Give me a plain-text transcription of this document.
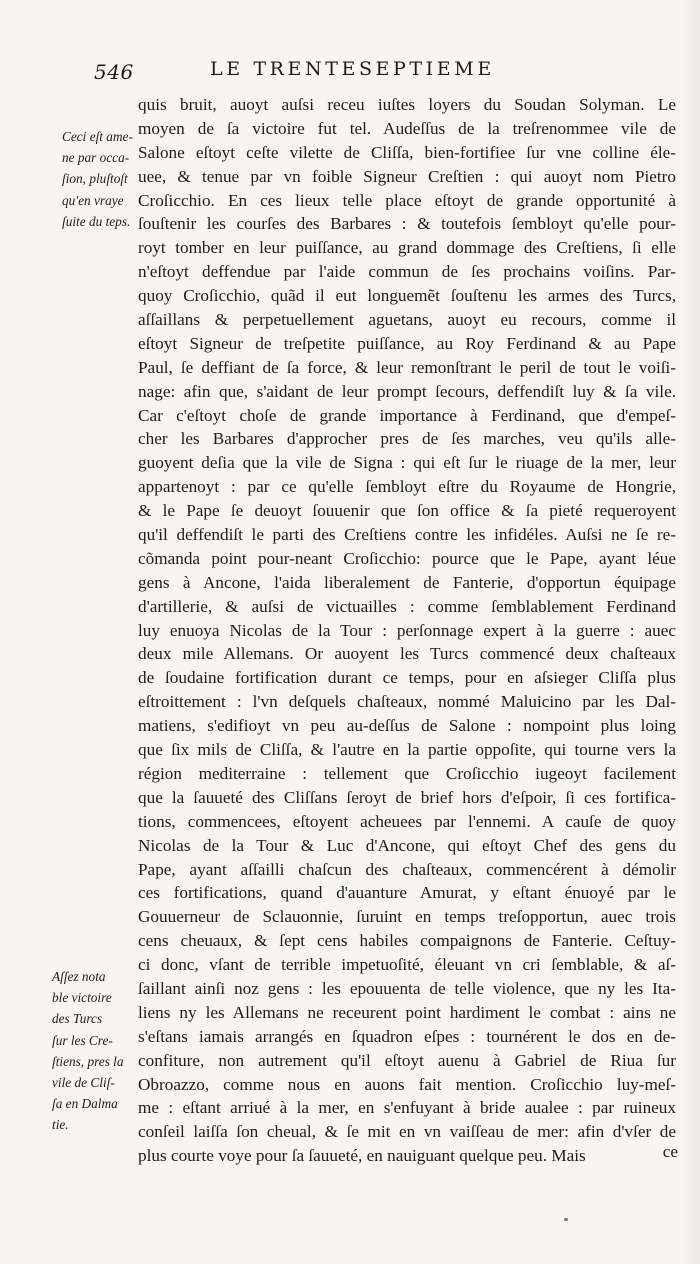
546	LE TRENTESEPTIEME
Ceci eſt ame-
ne par occa-
ſion, pluſtoſt
qu'en vraye
ſuite du teps.
Aſſez nota
ble victoire
des Turcs
ſur les Cre-
ſtiens, pres la
vile de Cliſ-
ſa en Dalma
tie.
quis bruit, auoyt auſsi receu iuſtes loyers du Soudan Solyman. Le
moyen de ſa victoire fut tel. Audeſſus de la treſrenommee vile de
Salone eſtoyt ceſte vilette de Cliſſa, bien-fortifiee ſur vne colline éle-
uee, & tenue par vn foible Signeur Creſtien : qui auoyt nom Pietro
Croſicchio. En ces lieux telle place eſtoyt de grande opportunité à
ſouſtenir les courſes des Barbares : & toutefois ſembloyt qu'elle pour-
royt tomber en leur puiſſance, au grand dommage des Creſtiens, ſi elle
n'eſtoyt deffendue par l'aide commun de ſes prochains voiſins. Par-
quoy Croſicchio, quãd il eut longuemẽt ſouſtenu les armes des Turcs,
aſſaillans & perpetuellement aguetans, auoyt eu recours, comme il
eſtoyt Signeur de treſpetite puiſſance, au Roy Ferdinand & au Pape
Paul, ſe deffiant de ſa force, & leur remonſtrant le peril de tout le voiſi-
nage: afin que, s'aidant de leur prompt ſecours, deffendiſt luy & ſa vile.
Car c'eſtoyt choſe de grande importance à Ferdinand, que d'empeſ-
cher les Barbares d'approcher pres de ſes marches, veu qu'ils alle-
guoyent deſia que la vile de Signa : qui eſt ſur le riuage de la mer, leur
appartenoyt : par ce qu'elle ſembloyt eſtre du Royaume de Hongrie,
& le Pape ſe deuoyt ſouuenir que ſon office & ſa pieté requeroyent
qu'il deffendiſt le parti des Creſtiens contre les infidéles. Auſsi ne ſe re-
cõmanda point pour-neant Croſicchio: pource que le Pape, ayant léue
gens à Ancone, l'aida liberalement de Fanterie, d'opportun équipage
d'artillerie, & auſsi de victuailles : comme ſemblablement Ferdinand
luy enuoya Nicolas de la Tour : perſonnage expert à la guerre : auec
deux mile Allemans. Or auoyent les Turcs commencé deux chaſteaux
de ſoudaine fortification durant ce temps, pour en aſsieger Cliſſa plus
eſtroittement : l'vn deſquels chaſteaux, nommé Maluicino par les Dal-
matiens, s'edifioyt vn peu au-deſſus de Salone : nompoint plus loing
que ſix mils de Cliſſa, & l'autre en la partie oppoſite, qui tourne vers la
région mediterraine : tellement que Croſicchio iugeoyt facilement
que la ſauueté des Cliſſans ſeroyt de brief hors d'eſpoir, ſi ces fortifica-
tions, commencees, eſtoyent acheuees par l'ennemi. A cauſe de quoy
Nicolas de la Tour & Luc d'Ancone, qui eſtoyt Chef des gens du
Pape, ayant aſſailli chaſcun des chaſteaux, commencérent à démolir
ces fortifications, quand d'auanture Amurat, y eſtant énuoyé par le
Gouuerneur de Sclauonnie, ſuruint en temps treſopportun, auec trois
cens cheuaux, & ſept cens habiles compaignons de Fanterie. Ceſtuy-
ci donc, vſant de terrible impetuoſité, éleuant vn cri ſemblable, & aſ-
ſaillant ainſi noz gens : les epouuenta de telle violence, que ny les Ita-
liens ny les Allemans ne receurent point hardiment le combat : ains ne
s'eſtans iamais arrangés en ſquadron eſpes : tournérent le dos en de-
confiture, non autrement qu'il eſtoyt auenu à Gabriel de Riua ſur
Obroazzo, comme nous en auons fait mention. Croſicchio luy-meſ-
me : eſtant arriué à la mer, en s'enfuyant à bride aualee : par ruineux
conſeil laiſſa ſon cheual, & ſe mit en vn vaiſſeau de mer: afin d'vſer de
plus courte voye pour ſa ſauueté, en nauiguant quelque peu. Mais	ce
